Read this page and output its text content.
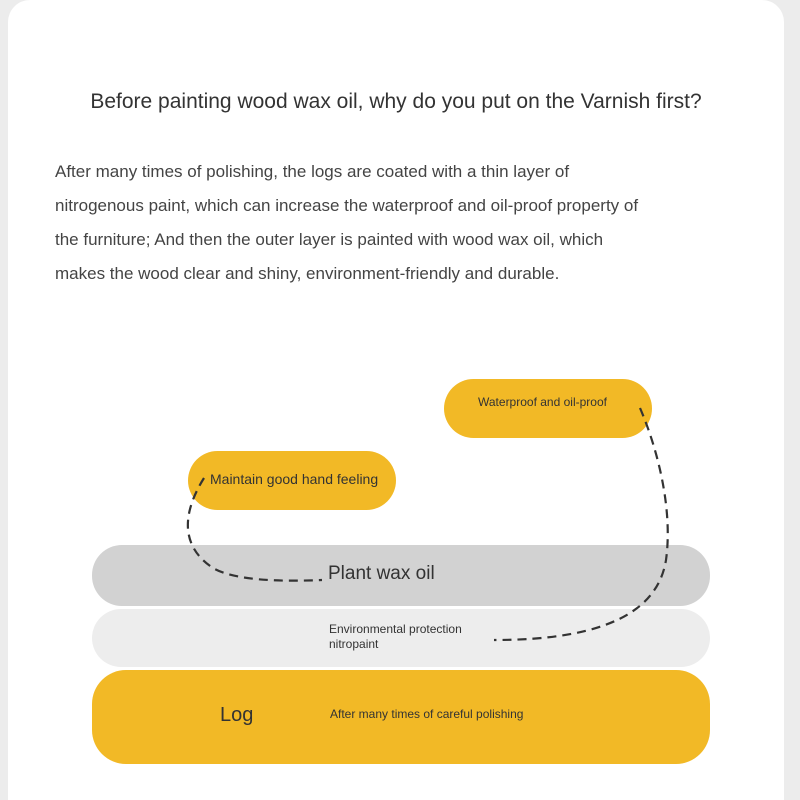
Before painting wood wax oil, why do you put on the Varnish first?
After many times of polishing, the logs are coated with a thin layer of
nitrogenous paint, which can increase the waterproof and oil-proof property of
the furniture; And then the outer layer is painted with wood wax oil, which
makes the wood clear and shiny, environment-friendly and durable.
Waterproof and oil-proof
Maintain good hand feeling
Plant wax oil
Environmental protection
nitropaint
Log	After many times of careful polishing
